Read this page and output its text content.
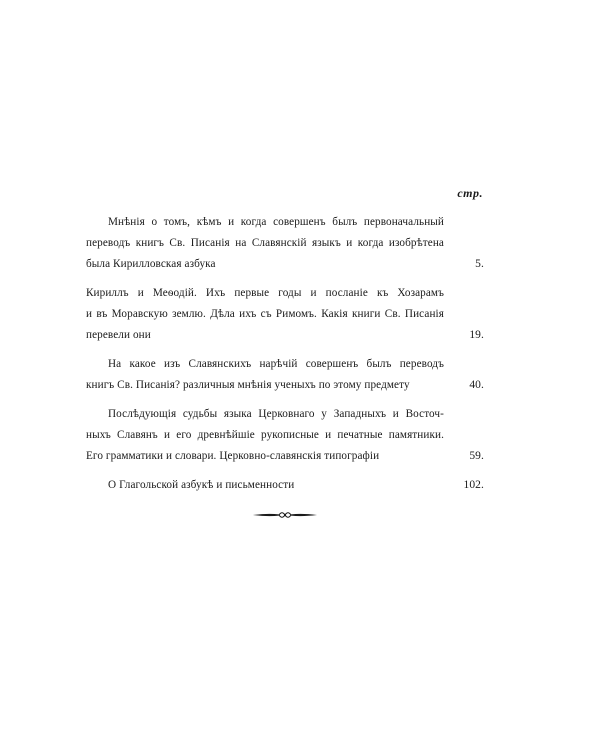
стр.
Мнѣнія о томъ, кѣмъ и когда совершенъ былъ первоначальный
переводъ книгъ Св. Писанія на Славянскій языкъ и когда изобрѣтена
была Кирилловская азбука	5.
Кириллъ и Меѳодій. Ихъ первые годы и посланіе къ Хозарамъ
и въ Моравскую землю. Дѣла ихъ съ Римомъ. Какія книги Св. Писанія
перевели они	19.
На какое изъ Славянскихъ нарѣчій совершенъ былъ переводъ
книгъ Св. Писанія? различныя мнѣнія ученыхъ по этому предмету	40.
Послѣдующія судьбы языка Церковнаго у Западныхъ и Восточ-
ныхъ Славянъ и его древнѣйшіе рукописные и печатные памятники.
Его грамматики и словари. Церковно-славянскія типографіи	59.
О Глагольской азбукѣ и письменности	102.
